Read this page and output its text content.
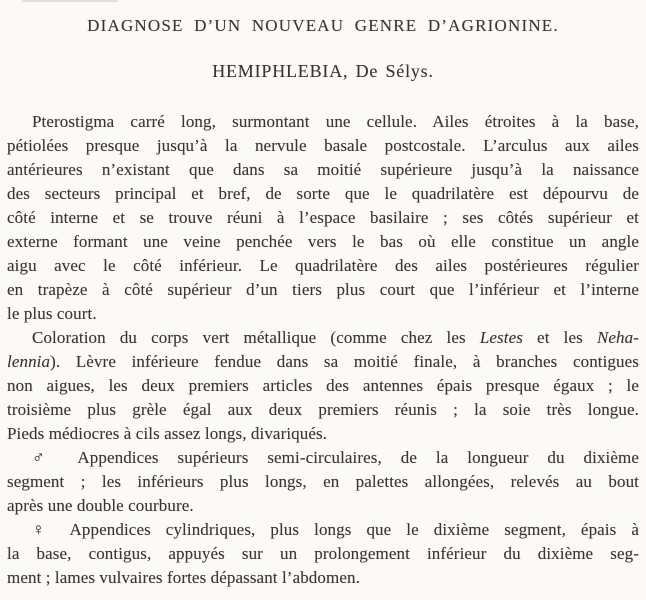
DIAGNOSE D’UN NOUVEAU GENRE D’AGRIONINE.
HEMIPHLEBIA, De Sélys.
Pterostigma carré long, surmontant une cellule. Ailes étroites à la base,
pétiolées presque jusqu’à la nervule basale postcostale. L’arculus aux ailes
antérieures n’existant que dans sa moitié supérieure jusqu’à la naissance
des secteurs principal et bref, de sorte que le quadrilatère est dépourvu de
côté interne et se trouve réuni à l’espace basilaire ; ses côtés supérieur et
externe formant une veine penchée vers le bas où elle constitue un angle
aigu avec le côté inférieur. Le quadrilatère des ailes postérieures régulier
en trapèze à côté supérieur d’un tiers plus court que l’inférieur et l’interne
le plus court.
Coloration du corps vert métallique (comme chez les Lestes et les Neha-
lennia). Lèvre inférieure fendue dans sa moitié finale, à branches contigues
non aigues, les deux premiers articles des antennes épais presque égaux ; le
troisième plus grèle égal aux deux premiers réunis ; la soie très longue.
Pieds médiocres à cils assez longs, divariqués.
♂ Appendices supérieurs semi-circulaires, de la longueur du dixième
segment ; les inférieurs plus longs, en palettes allongées, relevés au bout
après une double courbure.
♀ Appendices cylindriques, plus longs que le dixième segment, épais à
la base, contigus, appuyés sur un prolongement inférieur du dixième seg-
ment ; lames vulvaires fortes dépassant l’abdomen.
